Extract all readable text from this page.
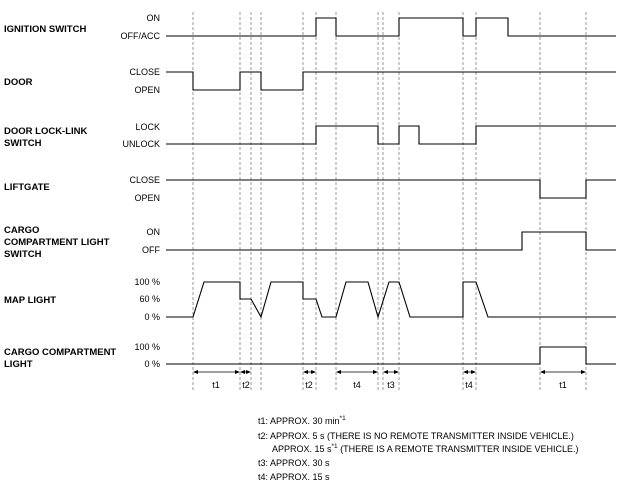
IGNITION SWITCH
DOOR
DOOR LOCK-LINK
SWITCH
LIFTGATE
CARGO
COMPARTMENT LIGHT
SWITCH
MAP LIGHT
CARGO COMPARTMENT
LIGHT
ON
OFF/ACC
CLOSE
OPEN
LOCK
UNLOCK
CLOSE
OPEN
ON
OFF
100 %
60 %
0 %
100 %
0 %
t1 t2	t2	t4	t3	t4	t1
t1: APPROX. 30 $\min^{*1}$
t2: APPROX. 5 s (THERE IS NO REMOTE TRANSMITTER INSIDE VEHICLE.)
APPROX. 15 $s^{*1}$ (THERE IS A REMOTE TRANSMITTER INSIDE VEHICLE.)
t3: APPROX. 30 s
t4: APPROX. 15 s
